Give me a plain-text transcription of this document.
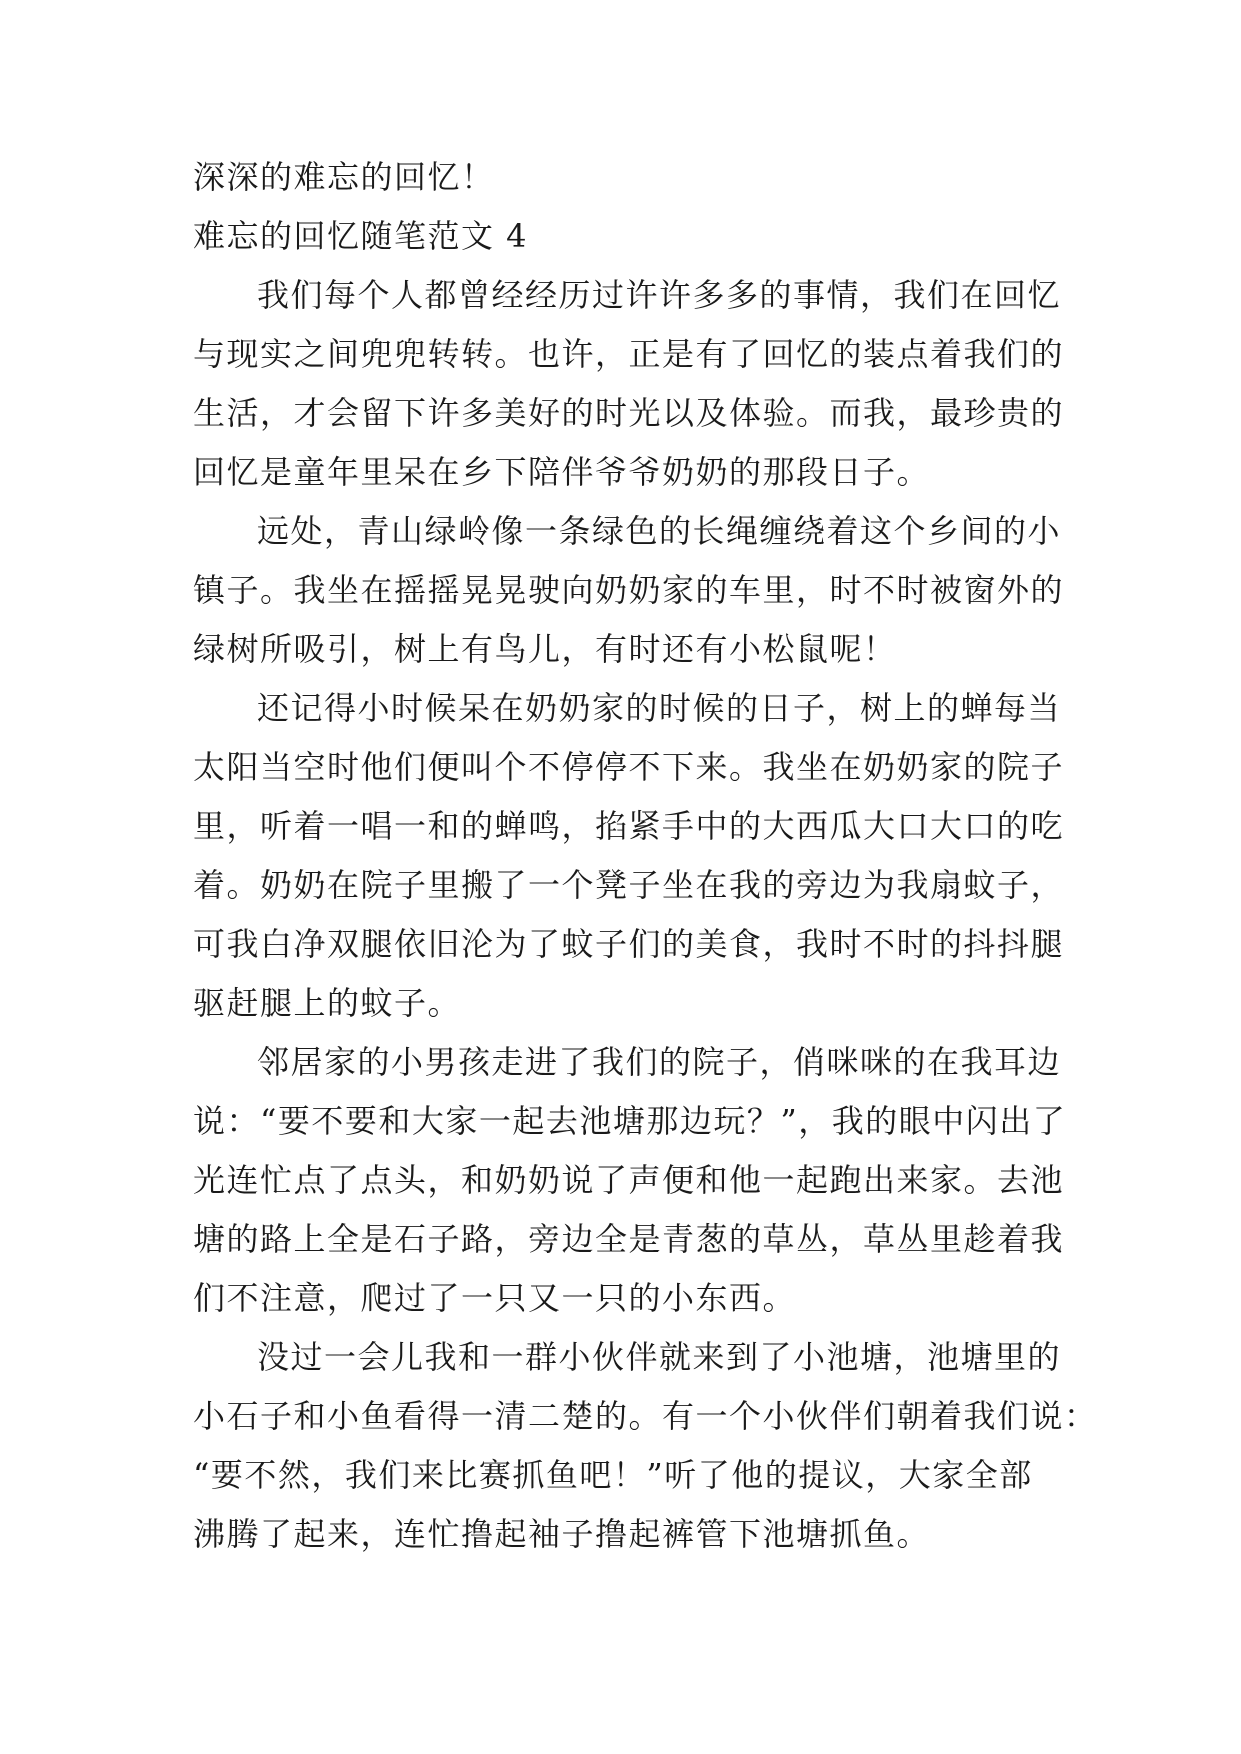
深深的难忘的回忆！
难忘的回忆随笔范文 4
我们每个人都曾经经历过许许多多的事情，我们在回忆
与现实之间兜兜转转。也许，正是有了回忆的装点着我们的
生活，才会留下许多美好的时光以及体验。而我，最珍贵的
回忆是童年里呆在乡下陪伴爷爷奶奶的那段日子。
远处，青山绿岭像一条绿色的长绳缠绕着这个乡间的小
镇子。我坐在摇摇晃晃驶向奶奶家的车里，时不时被窗外的
绿树所吸引，树上有鸟儿，有时还有小松鼠呢！
还记得小时候呆在奶奶家的时候的日子，树上的蝉每当
太阳当空时他们便叫个不停停不下来。我坐在奶奶家的院子
里，听着一唱一和的蝉鸣，掐紧手中的大西瓜大口大口的吃
着。奶奶在院子里搬了一个凳子坐在我的旁边为我扇蚊子，
可我白净双腿依旧沦为了蚊子们的美食，我时不时的抖抖腿
驱赶腿上的蚊子。
邻居家的小男孩走进了我们的院子，俏咪咪的在我耳边
说：“要不要和大家一起去池塘那边玩？”，我的眼中闪出了
光连忙点了点头，和奶奶说了声便和他一起跑出来家。去池
塘的路上全是石子路，旁边全是青葱的草丛，草丛里趁着我
们不注意，爬过了一只又一只的小东西。
没过一会儿我和一群小伙伴就来到了小池塘，池塘里的
小石子和小鱼看得一清二楚的。有一个小伙伴们朝着我们说：
“要不然，我们来比赛抓鱼吧！”听了他的提议，大家全部
沸腾了起来，连忙撸起袖子撸起裤管下池塘抓鱼。
